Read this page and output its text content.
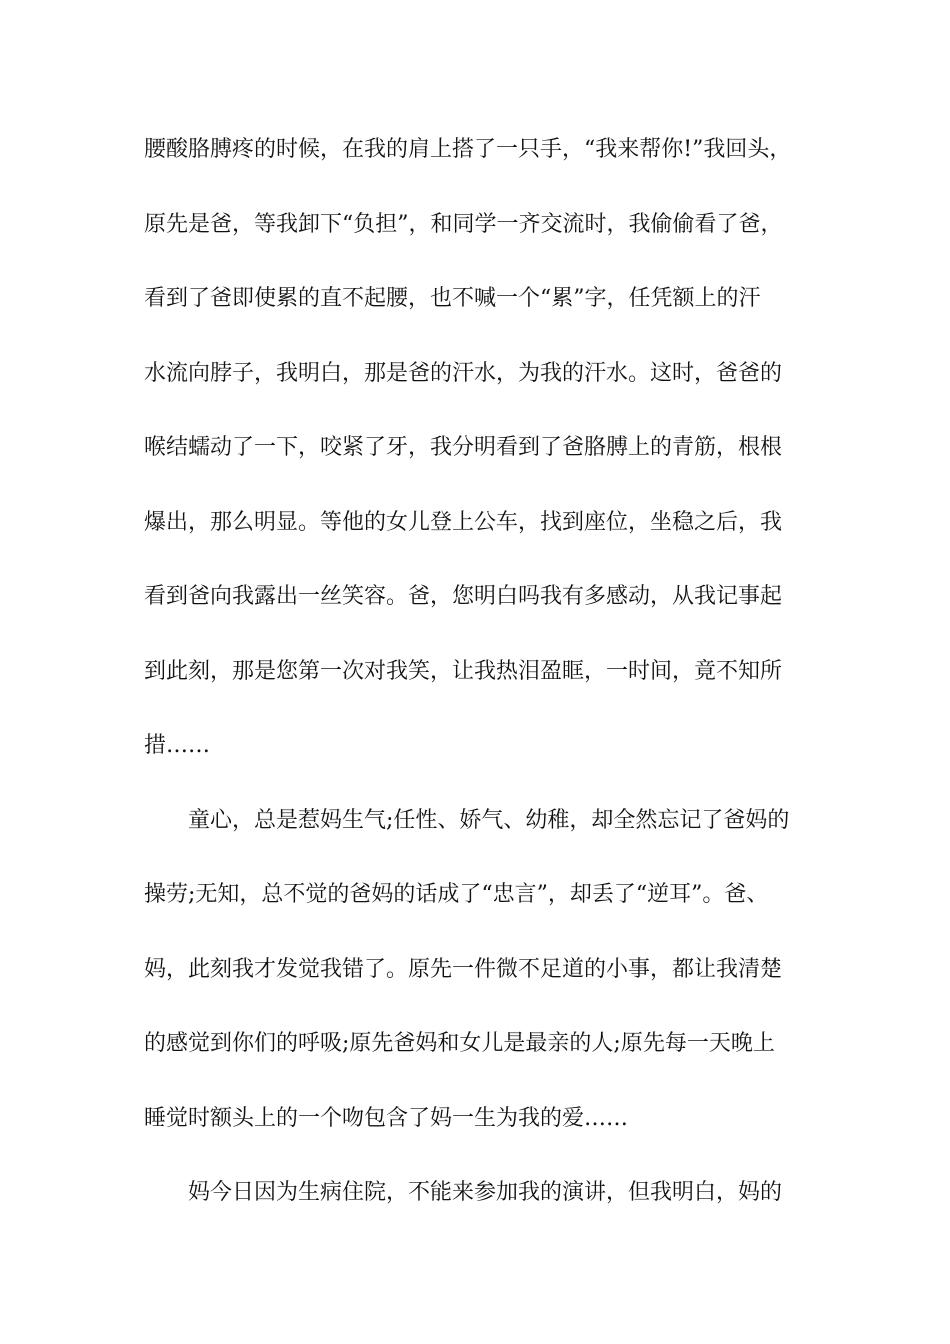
腰酸胳膊疼的时候，在我的肩上搭了一只手，“我来帮你!”我回头，
原先是爸，等我卸下“负担”，和同学一齐交流时，我偷偷看了爸，
看到了爸即使累的直不起腰，也不喊一个“累”字，任凭额上的汗
水流向脖子，我明白，那是爸的汗水，为我的汗水。这时，爸爸的
喉结蠕动了一下，咬紧了牙，我分明看到了爸胳膊上的青筋，根根
爆出，那么明显。等他的女儿登上公车，找到座位，坐稳之后，我
看到爸向我露出一丝笑容。爸，您明白吗我有多感动，从我记事起
到此刻，那是您第一次对我笑，让我热泪盈眶，一时间，竟不知所
措……
　　童心，总是惹妈生气;任性、娇气、幼稚，却全然忘记了爸妈的
操劳;无知，总不觉的爸妈的话成了“忠言”，却丢了“逆耳”。爸、
妈，此刻我才发觉我错了。原先一件微不足道的小事，都让我清楚
的感觉到你们的呼吸;原先爸妈和女儿是最亲的人;原先每一天晚上
睡觉时额头上的一个吻包含了妈一生为我的爱……
　　妈今日因为生病住院，不能来参加我的演讲，但我明白，妈的
